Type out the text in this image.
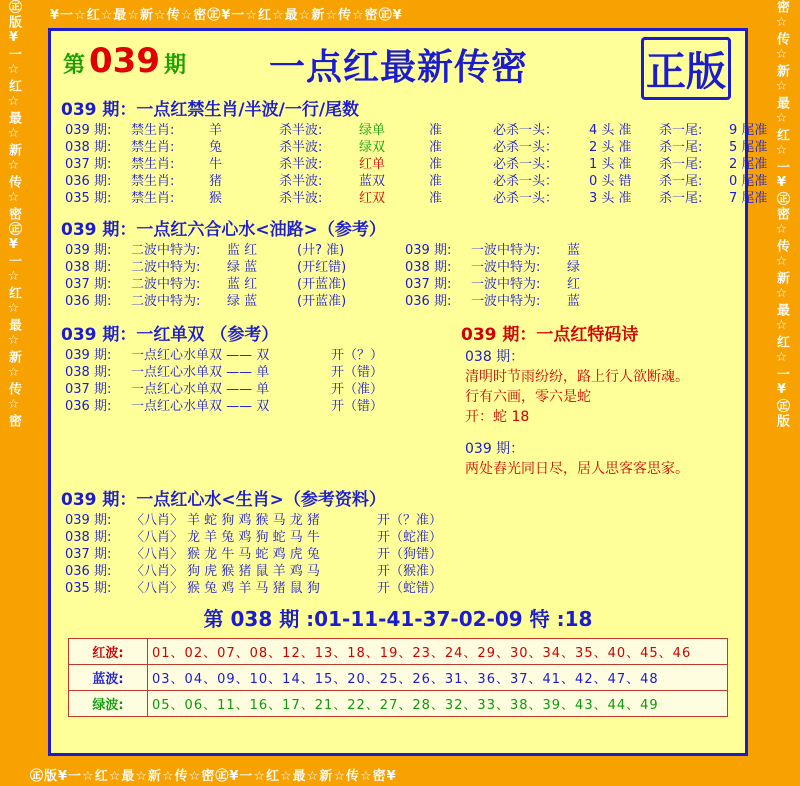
¥一☆红☆最☆新☆传☆密㊣¥一☆红☆最☆新☆传☆密㊣¥
㊣版¥一☆红☆最☆新☆传☆密㊣¥一☆红☆最☆新☆传☆密¥
㊣版¥一☆红☆最☆新☆传☆密㊣¥一☆红☆最☆新☆传☆密	密☆传☆新☆最☆红☆一¥㊣密☆传☆新☆最☆红☆一¥㊣版
第 039 期 一点红最新传密	正版
039 期：一点红禁生肖/半波/一行/尾数
039 期: 禁生肖:	羊	杀半波:	绿单	准	必杀一头： 4 头 准 杀一尾: 9 尾准
038 期: 禁生肖:	兔	杀半波:	绿双	准	必杀一头： 2 头 准 杀一尾: 5 尾准
037 期: 禁生肖:	牛	杀半波:	红单	准	必杀一头： 1 头 准 杀一尾: 2 尾准
036 期: 禁生肖:	猪	杀半波:	蓝双	准	必杀一头： 0 头 错 杀一尾: 0 尾准
035 期: 禁生肖:	猴	杀半波:	红双	准	必杀一头： 3 头 准 杀一尾: 7 尾准
039 期：一点红六合心水<油路>（参考）
039 期: 二波中特为: 监 红	(廾? 准)
038 期: 二波中特为: 绿 蓝	(开红错)
037 期: 二波中特为: 蓝 红	(开蓝准)
036 期: 二波中特为: 绿 蓝	(开蓝准)
039 期: 一波中特为: 蓝
038 期: 一波中特为: 绿
037 期: 一波中特为: 红
036 期: 一波中特为: 蓝
039 期：一红单双 （参考）
039 期: 一点红心水单双 —— 双	开（？）
038 期: 一点红心水单双 —— 单	开（错）
037 期: 一点红心水单双 —— 单	开（准）
036 期: 一点红心水单双 —— 双	开（错）
039 期：一点红特码诗
038 期：
清明时节雨纷纷，路上行人欲断魂。
行有六画，零六是蛇
开：蛇 18
039 期：
两处舂光同日尽，居人思客客思家。
039 期：一点红心水<生肖>（参考资料）
039 期: 〈八肖〉 羊 蛇 狗 鸡 猴 马 龙 猪	开（？准）
038 期: 〈八肖〉 龙 羊 兔 鸡 狗 蛇 马 牛	开（蛇准）
037 期: 〈八肖〉 猴 龙 牛 马 蛇 鸡 虎 兔	开（狗错）
036 期: 〈八肖〉 狗 虎 猴 猪 鼠 羊 鸡 马	开（猴准）
035 期: 〈八肖〉 猴 兔 鸡 羊 马 猪 鼠 狗	开（蛇错）
第 038 期 :01-11-41-37-02-09 特 :18
红波:	01、02、07、08、12、13、18、19、23、24、29、30、34、35、40、45、46
蓝波:	03、04、09、10、14、15、20、25、26、31、36、37、41、42、47、48
绿波:	05、06、11、16、17、21、22、27、28、32、33、38、39、43、44、49
